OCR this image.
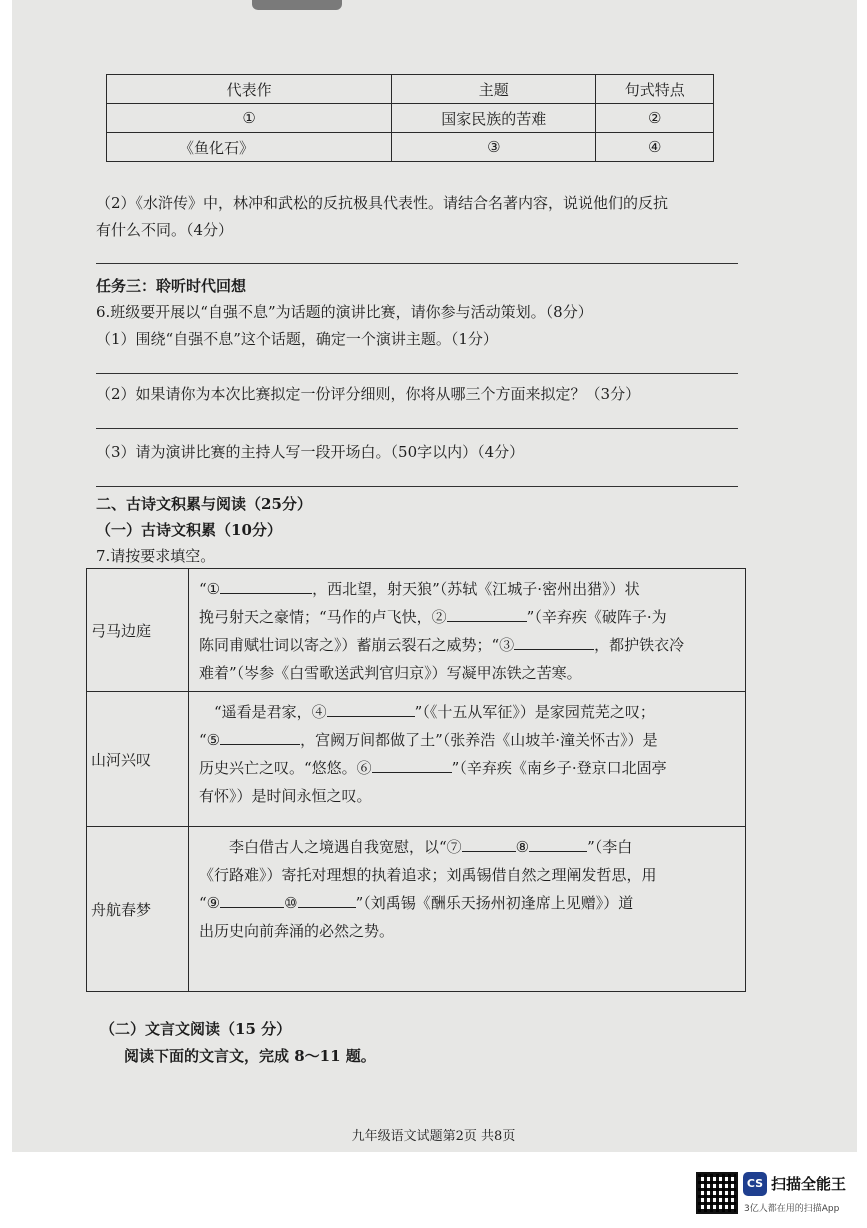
代表作	主题	句式特点
①	国家民族的苦难	②
《鱼化石》	③	④
（2）《水浒传》中，林冲和武松的反抗极具代表性。请结合名著内容，说说他们的反抗
有什么不同。（4分）
任务三：聆听时代回想
6.班级要开展以“自强不息”为话题的演讲比赛，请你参与活动策划。（8分）
（1）围绕“自强不息”这个话题，确定一个演讲主题。（1分）
（2）如果请你为本次比赛拟定一份评分细则，你将从哪三个方面来拟定？（3分）
（3）请为演讲比赛的主持人写一段开场白。（50字以内）（4分）
二、古诗文积累与阅读（25分）
（一）古诗文积累（10分）
7.请按要求填空。
弓马边庭	“① ，西北望，射天狼”（苏轼《江城子·密州出猎》）状
挽弓射天之豪情；“马作的卢飞快，② ”（辛弃疾《破阵子·为
陈同甫赋壮词以寄之》）蓄崩云裂石之威势；“③ ，都护铁衣冷
难着”（岑参《白雪歌送武判官归京》）写凝甲冻铁之苦寒。

山河兴叹	　“遥看是君家，④ ”（《十五从军征》）是家园荒芜之叹；
“⑤ ，宫阙万间都做了土”（张养浩《山坡羊·潼关怀古》）是
历史兴亡之叹。“悠悠。⑥ ”（辛弃疾《南乡子·登京口北固亭
有怀》）是时间永恒之叹。

舟航春梦	　　李白借古人之境遇自我宽慰，以“⑦ ⑧ ”（李白
《行路难》）寄托对理想的执着追求；刘禹锡借自然之理阐发哲思，用
“⑨ ⑩ ”（刘禹锡《酬乐天扬州初逢席上见赠》）道
出历史向前奔涌的必然之势。
（二）文言文阅读（15 分）
阅读下面的文言文，完成 8～11 题。
九年级语文试题第2页 共8页
CS 扫描全能王
3亿人都在用的扫描App
